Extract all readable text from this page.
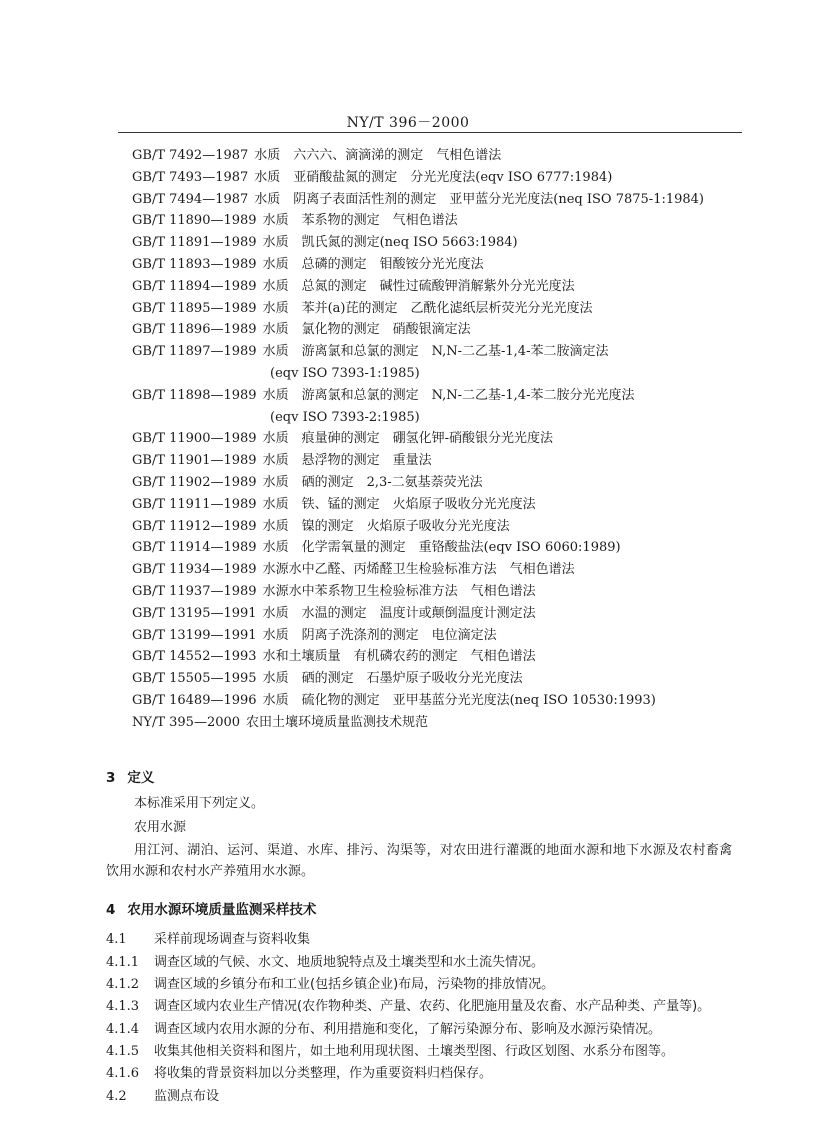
NY/T 396－2000
GB/T 7492—1987 水质　六六六、滴滴涕的测定　气相色谱法
GB/T 7493—1987 水质　亚硝酸盐氮的测定　分光光度法(eqv ISO 6777:1984)
GB/T 7494—1987 水质　阴离子表面活性剂的测定　亚甲蓝分光光度法(neq ISO 7875-1:1984)
GB/T 11890—1989 水质　苯系物的测定　气相色谱法
GB/T 11891—1989 水质　凯氏氮的测定(neq ISO 5663:1984)
GB/T 11893—1989 水质　总磷的测定　钼酸铵分光光度法
GB/T 11894—1989 水质　总氮的测定　碱性过硫酸钾消解紫外分光光度法
GB/T 11895—1989 水质　苯并(a)芘的测定　乙酰化滤纸层析荧光分光光度法
GB/T 11896—1989 水质　氯化物的测定　硝酸银滴定法
GB/T 11897—1989 水质　游离氯和总氯的测定　N,N-二乙基-1,4-苯二胺滴定法
(eqv ISO 7393-1:1985)
GB/T 11898—1989 水质　游离氯和总氯的测定　N,N-二乙基-1,4-苯二胺分光光度法
(eqv ISO 7393-2:1985)
GB/T 11900—1989 水质　痕量砷的测定　硼氢化钾-硝酸银分光光度法
GB/T 11901—1989 水质　悬浮物的测定　重量法
GB/T 11902—1989 水质　硒的测定　2,3-二氨基萘荧光法
GB/T 11911—1989 水质　铁、锰的测定　火焰原子吸收分光光度法
GB/T 11912—1989 水质　镍的测定　火焰原子吸收分光光度法
GB/T 11914—1989 水质　化学需氧量的测定　重铬酸盐法(eqv ISO 6060:1989)
GB/T 11934—1989 水源水中乙醛、丙烯醛卫生检验标准方法　气相色谱法
GB/T 11937—1989 水源水中苯系物卫生检验标准方法　气相色谱法
GB/T 13195—1991 水质　水温的测定　温度计或颠倒温度计测定法
GB/T 13199—1991 水质　阴离子洗涤剂的测定　电位滴定法
GB/T 14552—1993 水和土壤质量　有机磷农药的测定　气相色谱法
GB/T 15505—1995 水质　硒的测定　石墨炉原子吸收分光光度法
GB/T 16489—1996 水质　硫化物的测定　亚甲基蓝分光光度法(neq ISO 10530:1993)
NY/T 395—2000 农田土壤环境质量监测技术规范
3 定义
本标准采用下列定义。
农用水源
用江河、湖泊、运河、渠道、水库、排污、沟渠等，对农田进行灌溉的地面水源和地下水源及农村畜禽
饮用水源和农村水产养殖用水水源。
4 农用水源环境质量监测采样技术
4.1 采样前现场调查与资料收集
4.1.1 调查区域的气候、水文、地质地貌特点及土壤类型和水土流失情况。
4.1.2 调查区域的乡镇分布和工业(包括乡镇企业)布局，污染物的排放情况。
4.1.3 调查区域内农业生产情况(农作物种类、产量、农药、化肥施用量及农畜、水产品种类、产量等)。
4.1.4 调查区域内农用水源的分布、利用措施和变化，了解污染源分布、影响及水源污染情况。
4.1.5 收集其他相关资料和图片，如土地利用现状图、土壤类型图、行政区划图、水系分布图等。
4.1.6 将收集的背景资料加以分类整理，作为重要资料归档保存。
4.2 监测点布设
